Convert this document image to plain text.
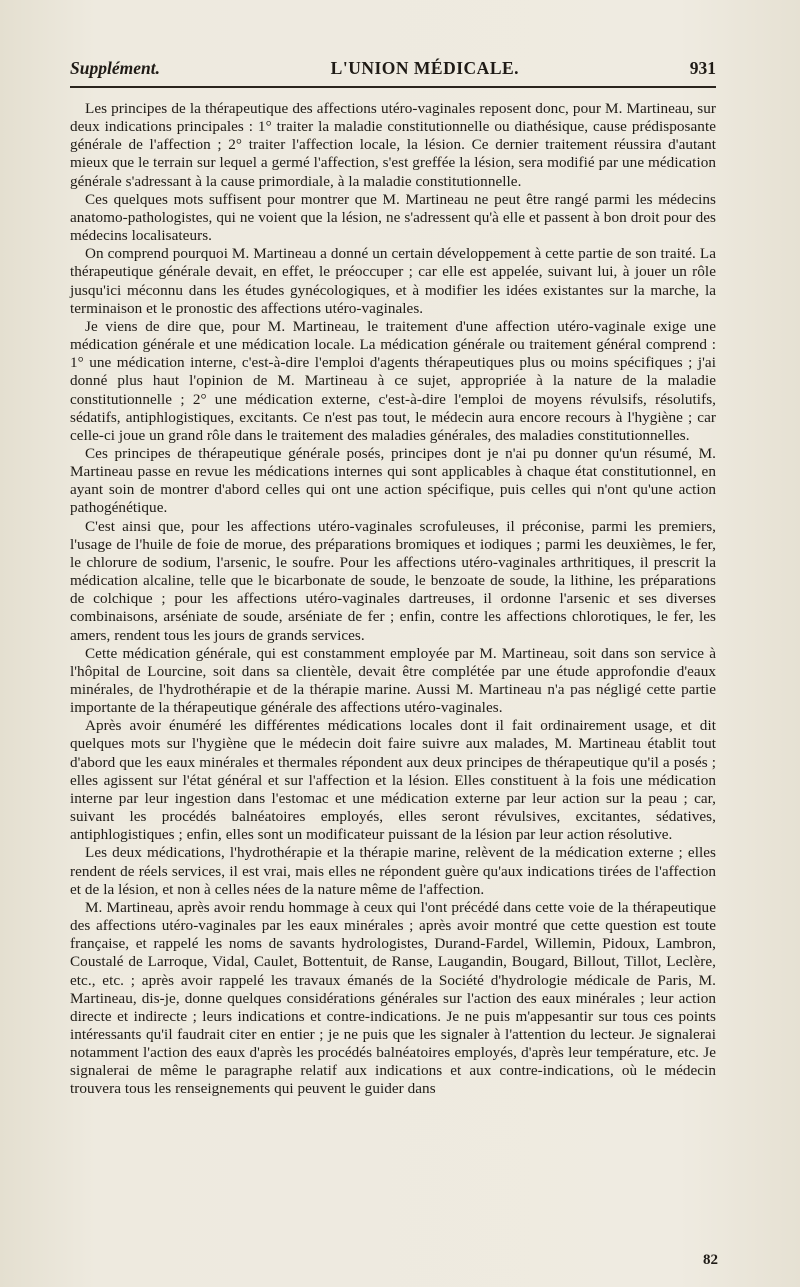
Supplément.	L'UNION MÉDICALE.	931

Les principes de la thérapeutique des affections utéro-vaginales reposent donc, pour M. Martineau, sur deux indications principales : 1° traiter la maladie constitutionnelle ou diathésique, cause prédisposante générale de l'affection ; 2° traiter l'affection locale, la lésion. Ce dernier traitement réussira d'autant mieux que le terrain sur lequel a germé l'affection, s'est greffée la lésion, sera modifié par une médication générale s'adressant à la cause primordiale, à la maladie constitutionnelle.

Ces quelques mots suffisent pour montrer que M. Martineau ne peut être rangé parmi les médecins anatomo-pathologistes, qui ne voient que la lésion, ne s'adressent qu'à elle et passent à bon droit pour des médecins localisateurs.

On comprend pourquoi M. Martineau a donné un certain développement à cette partie de son traité. La thérapeutique générale devait, en effet, le préoccuper ; car elle est appelée, suivant lui, à jouer un rôle jusqu'ici méconnu dans les études gynécologiques, et à modifier les idées existantes sur la marche, la terminaison et le pronostic des affections utéro-vaginales.

Je viens de dire que, pour M. Martineau, le traitement d'une affection utéro-vaginale exige une médication générale et une médication locale. La médication générale ou traitement général comprend : 1° une médication interne, c'est-à-dire l'emploi d'agents thérapeutiques plus ou moins spécifiques ; j'ai donné plus haut l'opinion de M. Martineau à ce sujet, appropriée à la nature de la maladie constitutionnelle ; 2° une médication externe, c'est-à-dire l'emploi de moyens révulsifs, résolutifs, sédatifs, antiphlogistiques, excitants. Ce n'est pas tout, le médecin aura encore recours à l'hygiène ; car celle-ci joue un grand rôle dans le traitement des maladies générales, des maladies constitutionnelles.

Ces principes de thérapeutique générale posés, principes dont je n'ai pu donner qu'un résumé, M. Martineau passe en revue les médications internes qui sont applicables à chaque état constitutionnel, en ayant soin de montrer d'abord celles qui ont une action spécifique, puis celles qui n'ont qu'une action pathogénétique.

C'est ainsi que, pour les affections utéro-vaginales scrofuleuses, il préconise, parmi les premiers, l'usage de l'huile de foie de morue, des préparations bromiques et iodiques ; parmi les deuxièmes, le fer, le chlorure de sodium, l'arsenic, le soufre. Pour les affections utéro-vaginales arthritiques, il prescrit la médication alcaline, telle que le bicarbonate de soude, le benzoate de soude, la lithine, les préparations de colchique ; pour les affections utéro-vaginales dartreuses, il ordonne l'arsenic et ses diverses combinaisons, arséniate de soude, arséniate de fer ; enfin, contre les affections chlorotiques, le fer, les amers, rendent tous les jours de grands services.

Cette médication générale, qui est constamment employée par M. Martineau, soit dans son service à l'hôpital de Lourcine, soit dans sa clientèle, devait être complétée par une étude approfondie d'eaux minérales, de l'hydrothérapie et de la thérapie marine. Aussi M. Martineau n'a pas négligé cette partie importante de la thérapeutique générale des affections utéro-vaginales.

Après avoir énuméré les différentes médications locales dont il fait ordinairement usage, et dit quelques mots sur l'hygiène que le médecin doit faire suivre aux malades, M. Martineau établit tout d'abord que les eaux minérales et thermales répondent aux deux principes de thérapeutique qu'il a posés ; elles agissent sur l'état général et sur l'affection et la lésion. Elles constituent à la fois une médication interne par leur ingestion dans l'estomac et une médication externe par leur action sur la peau ; car, suivant les procédés balnéatoires employés, elles seront révulsives, excitantes, sédatives, antiphlogistiques ; enfin, elles sont un modificateur puissant de la lésion par leur action résolutive.

Les deux médications, l'hydrothérapie et la thérapie marine, relèvent de la médication externe ; elles rendent de réels services, il est vrai, mais elles ne répondent guère qu'aux indications tirées de l'affection et de la lésion, et non à celles nées de la nature même de l'affection.

M. Martineau, après avoir rendu hommage à ceux qui l'ont précédé dans cette voie de la thérapeutique des affections utéro-vaginales par les eaux minérales ; après avoir montré que cette question est toute française, et rappelé les noms de savants hydrologistes, Durand-Fardel, Willemin, Pidoux, Lambron, Coustalé de Larroque, Vidal, Caulet, Bottentuit, de Ranse, Laugandin, Bougard, Billout, Tillot, Leclère, etc., etc. ; après avoir rappelé les travaux émanés de la Société d'hydrologie médicale de Paris, M. Martineau, dis-je, donne quelques considérations générales sur l'action des eaux minérales ; leur action directe et indirecte ; leurs indications et contre-indications. Je ne puis m'appesantir sur tous ces points intéressants qu'il faudrait citer en entier ; je ne puis que les signaler à l'attention du lecteur. Je signalerai notamment l'action des eaux d'après les procédés balnéatoires employés, d'après leur température, etc. Je signalerai de même le paragraphe relatif aux indications et aux contre-indications, où le médecin trouvera tous les renseignements qui peuvent le guider dans

82
